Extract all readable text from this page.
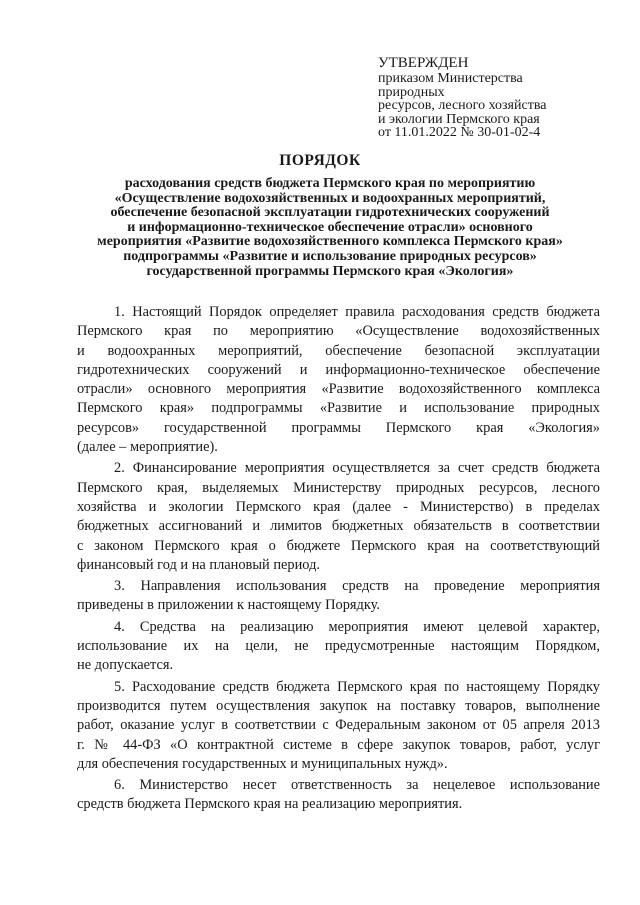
УТВЕРЖДЕН
приказом Министерства
природных
ресурсов, лесного хозяйства
и экологии Пермского края
от 11.01.2022 № 30-01-02-4
ПОРЯДОК
расходования средств бюджета Пермского края по мероприятию
«Осуществление водохозяйственных и водоохранных мероприятий,
обеспечение безопасной эксплуатации гидротехнических сооружений
и информационно-техническое обеспечение отрасли» основного
мероприятия «Развитие водохозяйственного комплекса Пермского края»
подпрограммы «Развитие и использование природных ресурсов»
государственной программы Пермского края «Экология»
1. Настоящий Порядок определяет правила расходования средств бюджета
Пермского края по мероприятию «Осуществление водохозяйственных
и водоохранных мероприятий, обеспечение безопасной эксплуатации
гидротехнических сооружений и информационно-техническое обеспечение
отрасли» основного мероприятия «Развитие водохозяйственного комплекса
Пермского края» подпрограммы «Развитие и использование природных
ресурсов» государственной программы Пермского края «Экология»
(далее – мероприятие).
2. Финансирование мероприятия осуществляется за счет средств бюджета
Пермского края, выделяемых Министерству природных ресурсов, лесного
хозяйства и экологии Пермского края (далее - Министерство) в пределах
бюджетных ассигнований и лимитов бюджетных обязательств в соответствии
с законом Пермского края о бюджете Пермского края на соответствующий
финансовый год и на плановый период.
3. Направления использования средств на проведение мероприятия
приведены в приложении к настоящему Порядку.
4. Средства на реализацию мероприятия имеют целевой характер,
использование их на цели, не предусмотренные настоящим Порядком,
не допускается.
5. Расходование средств бюджета Пермского края по настоящему Порядку
производится путем осуществления закупок на поставку товаров, выполнение
работ, оказание услуг в соответствии с Федеральным законом от 05 апреля 2013
г. № 44-ФЗ «О контрактной системе в сфере закупок товаров, работ, услуг
для обеспечения государственных и муниципальных нужд».
6. Министерство несет ответственность за нецелевое использование
средств бюджета Пермского края на реализацию мероприятия.
